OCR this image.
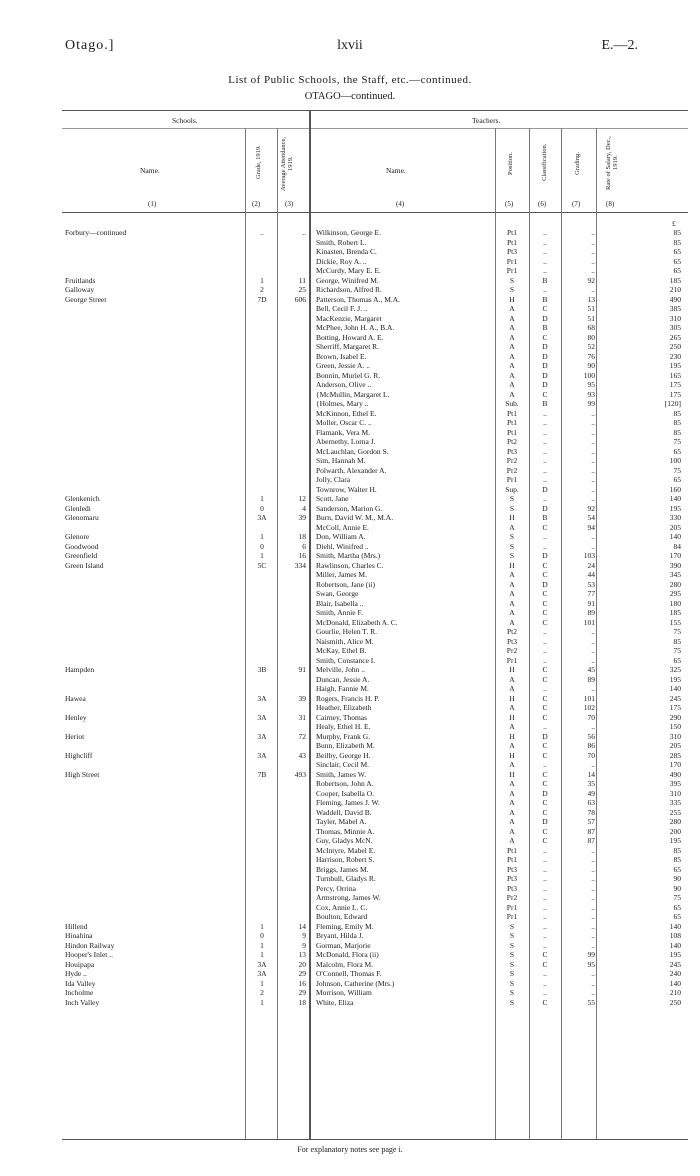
Otago.]	lxvii	E.—2.
List of Public Schools, the Staff, etc.—continued.
OTAGO—continued.
Schools.	Teachers.
Name.	Name.
Grade, 1919.	Average Attendance, 1919.	Position.	Classification.	Grading.	Rate of Salary, Dec., 1919.
(1)	(2)	(3)	(4)	(5)	(6)	(7)	(8)
£
Forbury—continued	..	.. Wilkinson, George E.	Pt1	..	..	85
Smith, Robert L.	Pt1	..	..	85
Kinasten, Brenda C.	Pt3	..	..	65
Dickie, Roy A. ..	Pr1	..	..	65
McCurdy, Mary E. E.	Pr1	..	..	65
Fruitlands	1	11 George, Winifred M.	S	B	92	185
Galloway	2	25 Richardson, Alfred R.	S	..	..	210
George Street	7D	606 Patterson, Thomas A., M.A.	H	B	13	490
Bell, Cecil F. J. ..	A	C	51	385
MacKenzie, Margaret	A	D	51	310
McPhee, John H. A., B.A.	A	B	68	305
Botting, Howard A. E.	A	C	80	265
Sherriff, Margaret R.	A	D	52	250
Brown, Isabel E.	A	D	76	230
Green, Jessie A. ..	A	D	90	195
Bonnin, Muriel G. R.	A	D	100	165
Anderson, Olive ..	A	D	95	175
{McMullin, Margaret L.	A	C	93	175
{Holmes, Mary ..	Sub.	B	99	[120]
McKinnon, Ethel E.	Pt1	..	..	85
Moller, Oscar C. ..	Pt1	..	..	85
Flamank, Vera M.	Pt1	..	..	85
Abernethy, Lorna J.	Pt2	..	..	75
McLauchlan, Gordon S.	Pt3	..	..	65
Sim, Hannah M.	Pr2	..	..	100
Polwarth, Alexander A.	Pr2	..	..	75
Jolly, Clara	Pr1	..	..	65
Townrow, Walter H.	Sup.	D	..	160
Glenkenich	1	12 Scott, Jane	S	..	..	140
Glenledi	0	4 Sanderson, Marion G.	S	D	92	195
Glenomaru	3A	39 Burn, David W. M., M.A.	H	B	54	330
McColl, Annie E.	A	C	94	205
Glenore	1	18 Don, William A.	S	..	..	140
Goodwood	0	6 Diehl, Winifred ..	S	..	..	84
Greenfield	1	16 Smith, Martha (Mrs.)	S	D	103	170
Green Island	5C	334 Rawlinson, Charles C.	H	C	24	390
Miller, James M.	A	C	44	345
Robertson, Jane (ii)	A	D	53	280
Swan, George	A	C	77	295
Blair, Isabella ..	A	C	91	180
Smith, Annie F.	A	C	89	185
McDonald, Elizabeth A. C.	A	C	101	155
Gourlie, Helen T. R.	Pt2	..	..	75
Naismith, Alice M.	Pt3	..	..	85
McKay, Ethel B.	Pr2	..	..	75
Smith, Constance I.	Pr1	..	..	65
Hampden	3B	91 Melville, John ..	H	C	45	325
Duncan, Jessie A.	A	C	89	195
Haigh, Fannie M.	A	..	..	140
Hawea	3A	39 Rogers, Francis H. P.	H	C	101	245
Heather, Elizabeth	A	C	102	175
Henley	3A	31 Cairney, Thomas	H	C	70	290
Healy, Ethel H. E.	A	..	..	150
Heriot	3A	72 Murphy, Frank G.	H	D	56	310
Bunn, Elizabeth M.	A	C	86	205
Highcliff	3A	43 Beilby, George H.	H	C	70	285
Sinclair, Cecil M.	A	..	..	170
High Street	7B	493 Smith, James W.	H	C	14	490
Robertson, John A.	A	C	35	395
Cooper, Isabella O.	A	D	49	310
Fleming, James J. W.	A	C	63	335
Waddell, David B.	A	C	78	255
Tayler, Mabel A.	A	D	57	280
Thomas, Minnie A.	A	C	87	200
Guy, Gladys McN.	A	C	87	195
McIntyre, Mabel E.	Pt1	..	..	85
Harrison, Robert S.	Pt1	..	..	85
Briggs, James M.	Pt3	..	..	65
Turnbull, Gladys R.	Pt3	..	..	90
Percy, Orrina	Pt3	..	..	90
Armstrong, James W.	Pr2	..	..	75
Cox, Annie L. C.	Pr1	..	..	65
Boulton, Edward	Pr1	..	..	65
Hillend	1	14 Fleming, Emily M.	S	..	..	140
Hinahina	0	9 Bryant, Hilda J.	S	..	..	108
Hindon Railway	1	9 Gorman, Marjorie	S	..	..	140
Hooper's Inlet ..	1	13 McDonald, Flora (ii)	S	C	99	195
Houipapa	3A	20 Malcolm, Flora M.	S	C	95	245
Hyde ..	3A	29 O'Connell, Thomas F.	S	..	..	240
Ida Valley	1	16 Johnson, Catherine (Mrs.)	S	..	..	140
Incholme	2	29 Morrison, William	S	..	..	210
Inch Valley	1	18 White, Eliza	S	C	55	250
For explanatory notes see page i.
